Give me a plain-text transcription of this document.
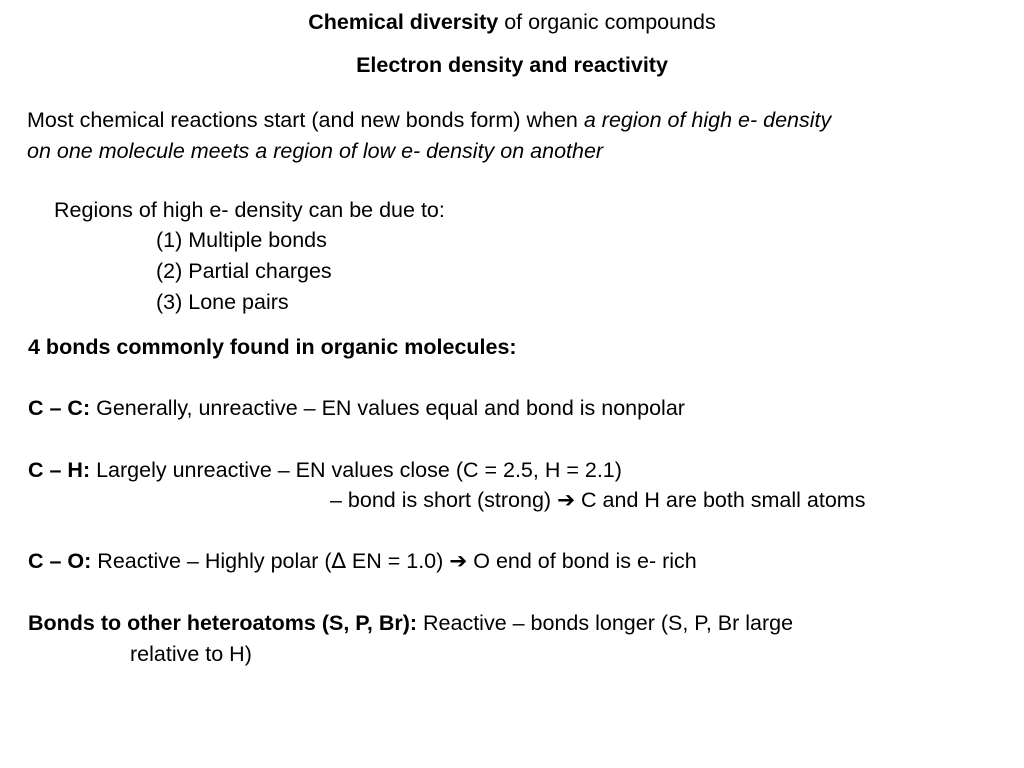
Chemical diversity of organic compounds
Electron density and reactivity
Most chemical reactions start (and new bonds form) when a region of high e- density
on one molecule meets a region of low e- density on another
Regions of high e- density can be due to:
(1) Multiple bonds
(2) Partial charges
(3) Lone pairs
4 bonds commonly found in organic molecules:
C – C: Generally, unreactive – EN values equal and bond is nonpolar
C – H: Largely unreactive – EN values close (C = 2.5, H = 2.1)
– bond is short (strong) ➔ C and H are both small atoms
C – O: Reactive – Highly polar (∆ EN = 1.0) ➔ O end of bond is e- rich
Bonds to other heteroatoms (S, P, Br): Reactive – bonds longer (S, P, Br large
relative to H)
